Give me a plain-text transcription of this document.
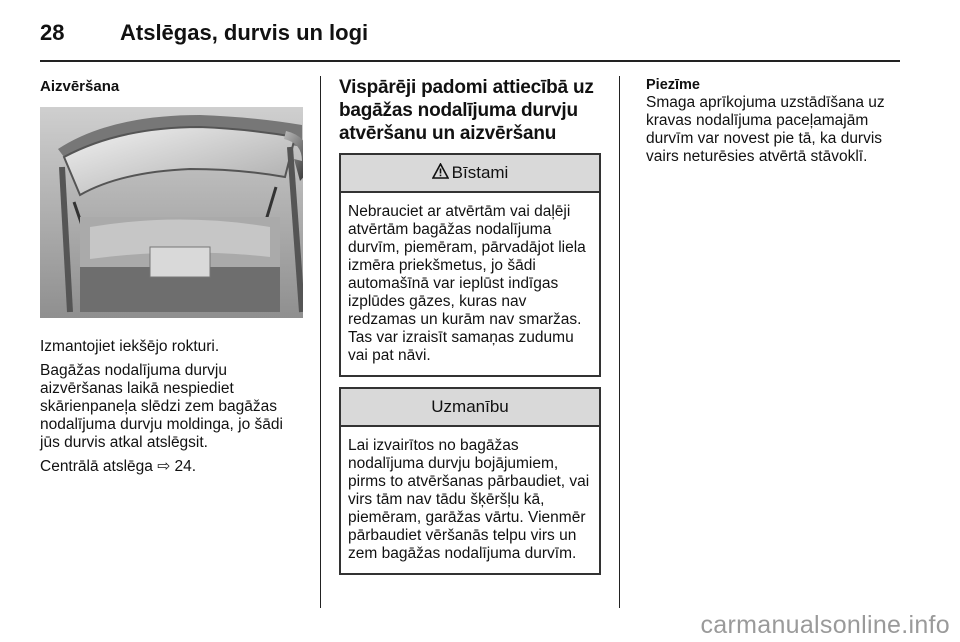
28	Atslēgas, durvis un logi

Aizvēršana

Izmantojiet iekšējo rokturi.

Bagāžas nodalījuma durvju aizvēršanas laikā nespiediet skārienpaneļa slēdzi zem bagāžas nodalījuma durvju moldinga, jo šādi jūs durvis atkal atslēgsit.

Centrālā atslēga ⇨ 24.

Vispārēji padomi attiecībā uz bagāžas nodalījuma durvju atvēršanu un aizvēršanu
Bīstami
Nebrauciet ar atvērtām vai daļēji atvērtām bagāžas nodalījuma durvīm, piemēram, pārvadājot liela izmēra priekšmetus, jo šādi automašīnā var ieplūst indīgas izplūdes gāzes, kuras nav redzamas un kurām nav smaržas. Tas var izraisīt samaņas zudumu vai pat nāvi.
Uzmanību
Lai izvairītos no bagāžas nodalījuma durvju bojājumiem, pirms to atvēršanas pārbaudiet, vai virs tām nav tādu šķēršļu kā, piemēram, garāžas vārtu. Vienmēr pārbaudiet vēršanās telpu virs un zem bagāžas nodalījuma durvīm.

Piezīme

Smaga aprīkojuma uzstādīšana uz kravas nodalījuma paceļamajām durvīm var novest pie tā, ka durvis vairs neturēsies atvērtā stāvoklī.

carmanualsonline.info
